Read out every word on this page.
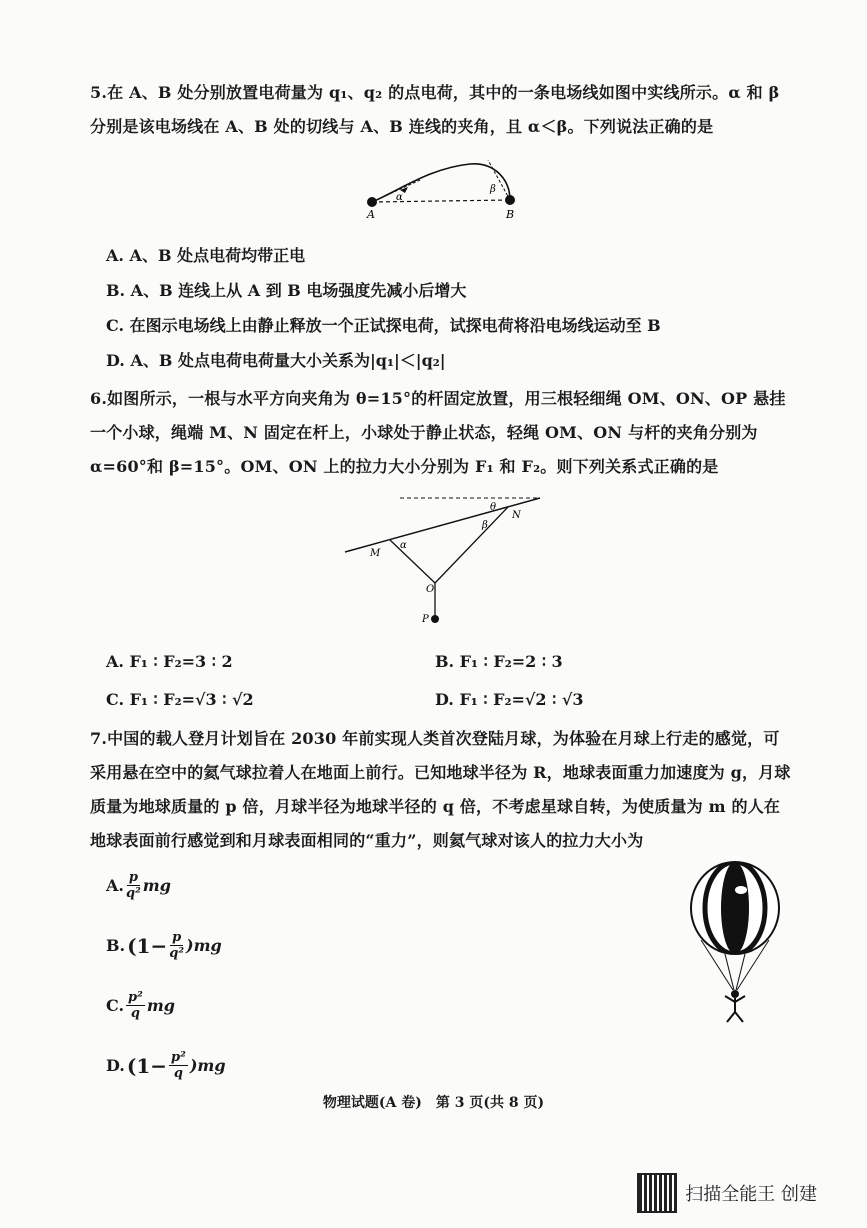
5.在 A、B 处分别放置电荷量为 q₁、q₂ 的点电荷，其中的一条电场线如图中实线所示。α 和 β 分别是该电场线在 A、B 处的切线与 A、B 连线的夹角，且 α＜β。下列说法正确的是
A	B
α
β
A. A、B 处点电荷均带正电
B. A、B 连线上从 A 到 B 电场强度先减小后增大
C. 在图示电场线上由静止释放一个正试探电荷，试探电荷将沿电场线运动至 B
D. A、B 处点电荷电荷量大小关系为|q₁|＜|q₂|
6.如图所示，一根与水平方向夹角为 θ=15°的杆固定放置，用三根轻细绳 OM、ON、OP 悬挂一个小球，绳端 M、N 固定在杆上，小球处于静止状态，轻绳 OM、ON 与杆的夹角分别为 α=60°和 β=15°。OM、ON 上的拉力大小分别为 F₁ 和 F₂。则下列关系式正确的是
M
N
O
P
α
β
θ
A. F₁ ∶ F₂=3 ∶ 2	B. F₁ ∶ F₂=2 ∶ 3
C. F₁ ∶ F₂=√3 ∶ √2	D. F₁ ∶ F₂=√2 ∶ √3
7.中国的载人登月计划旨在 2030 年前实现人类首次登陆月球，为体验在月球上行走的感觉，可采用悬在空中的氦气球拉着人在地面上前行。已知地球半径为 R，地球表面重力加速度为 g，月球质量为地球质量的 p 倍，月球半径为地球半径的 q 倍，不考虑星球自转，为使质量为 m 的人在地球表面前行感觉到和月球表面相同的“重力”，则氦气球对该人的拉力大小为
A. $\frac{p}{\text{q²}}$ mg
B. $(1- \frac{p}{\text{q²}} )mg$
C. $\frac{\text{p²}}{q}$ mg
D. $(1- \frac{\text{p²}}{q} )mg$
物理试题(A 卷)　第 3 页(共 8 页)
扫描全能王 创建
